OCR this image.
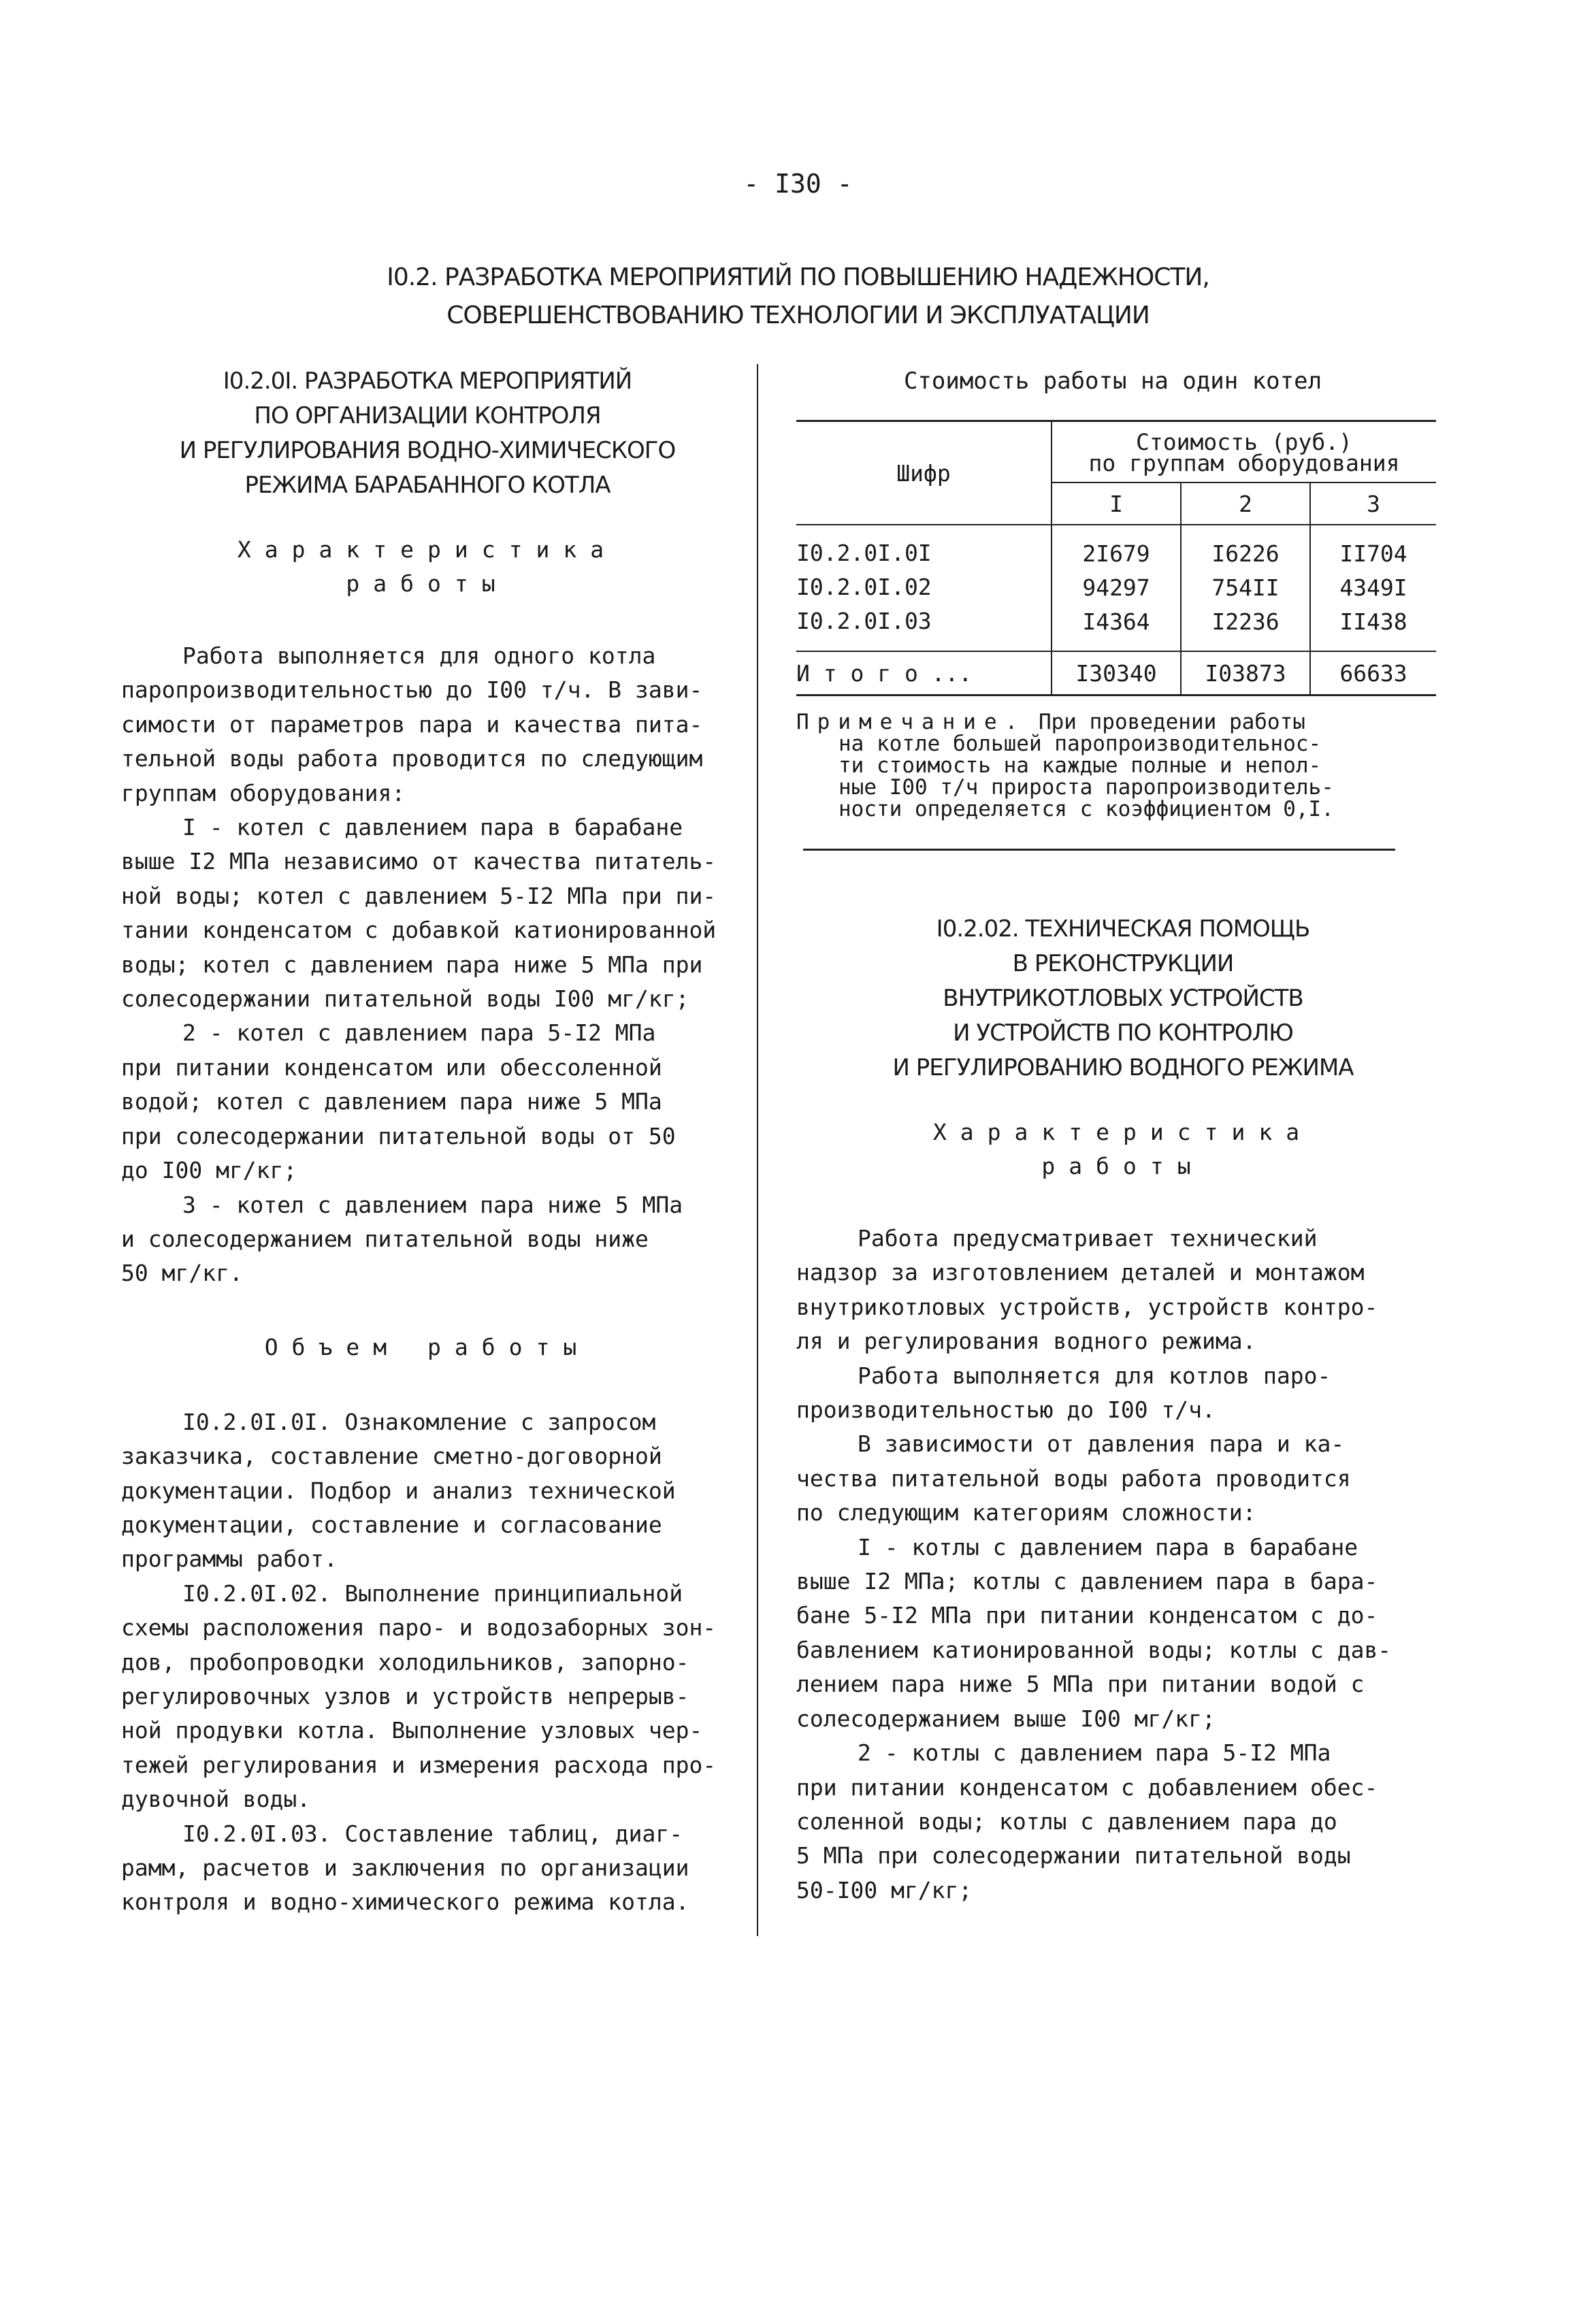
- I30 -
I0.2. РАЗРАБОТКА МЕРОПРИЯТИЙ ПО ПОВЫШЕНИЮ НАДЕЖНОСТИ,
СОВЕРШЕНСТВОВАНИЮ ТЕХНОЛОГИИ И ЭКСПЛУАТАЦИИ
I0.2.0I. РАЗРАБОТКА МЕРОПРИЯТИЙ
ПО ОРГАНИЗАЦИИ КОНТРОЛЯ
И РЕГУЛИРОВАНИЯ ВОДНО-ХИМИЧЕСКОГО
РЕЖИМА БАРАБАННОГО КОТЛА
Характеристика
работы
Работа выполняется для одного котла
паропроизводительностью до I00 т/ч. В зави-
симости от параметров пара и качества пита-
тельной воды работа проводится по следующим
группам оборудования:
I - котел с давлением пара в барабане
выше I2 МПа независимо от качества питатель-
ной воды; котел с давлением 5-I2 МПа при пи-
тании конденсатом с добавкой катионированной
воды; котел с давлением пара ниже 5 МПа при
солесодержании питательной воды I00 мг/кг;
2 - котел с давлением пара 5-I2 МПа
при питании конденсатом или обессоленной
водой; котел с давлением пара ниже 5 МПа
при солесодержании питательной воды от 50
до I00 мг/кг;
3 - котел с давлением пара ниже 5 МПа
и солесодержанием питательной воды ниже
50 мг/кг.
Объем работы
I0.2.0I.0I. Ознакомление с запросом
заказчика, составление сметно-договорной
документации. Подбор и анализ технической
документации, составление и согласование
программы работ.
I0.2.0I.02. Выполнение принципиальной
схемы расположения паро- и водозаборных зон-
дов, пробопроводки холодильников, запорно-
регулировочных узлов и устройств непрерыв-
ной продувки котла. Выполнение узловых чер-
тежей регулирования и измерения расхода про-
дувочной воды.
I0.2.0I.03. Составление таблиц, диаг-
рамм, расчетов и заключения по организации
контроля и водно-химического режима котла.
Стоимость работы на один котел
Шифр	Стоимость (руб.)
по группам оборудования		

	I	2	3
I0.2.0I.0I	2I679	I6226	II704
I0.2.0I.02	94297	754II	4349I
I0.2.0I.03	I4364	I2236	II438
И т о г о ...	I30340	I03873	66633
Примечание. При проведении работы
на котле большей паропроизводительнос-
ти стоимость на каждые полные и непол-
ные I00 т/ч прироста паропроизводитель-
ности определяется с коэффициентом 0,I.
I0.2.02. ТЕХНИЧЕСКАЯ ПОМОЩЬ
В РЕКОНСТРУКЦИИ
ВНУТРИКОТЛОВЫХ УСТРОЙСТВ
И УСТРОЙСТВ ПО КОНТРОЛЮ
И РЕГУЛИРОВАНИЮ ВОДНОГО РЕЖИМА
Характеристика
работы
Работа предусматривает технический
надзор за изготовлением деталей и монтажом
внутрикотловых устройств, устройств контро-
ля и регулирования водного режима.
Работа выполняется для котлов паро-
производительностью до I00 т/ч.
В зависимости от давления пара и ка-
чества питательной воды работа проводится
по следующим категориям сложности:
I - котлы с давлением пара в барабане
выше I2 МПа; котлы с давлением пара в бара-
бане 5-I2 МПа при питании конденсатом с до-
бавлением катионированной воды; котлы с дав-
лением пара ниже 5 МПа при питании водой с
солесодержанием выше I00 мг/кг;
2 - котлы с давлением пара 5-I2 МПа
при питании конденсатом с добавлением обес-
соленной воды; котлы с давлением пара до
5 МПа при солесодержании питательной воды
50-I00 мг/кг;
